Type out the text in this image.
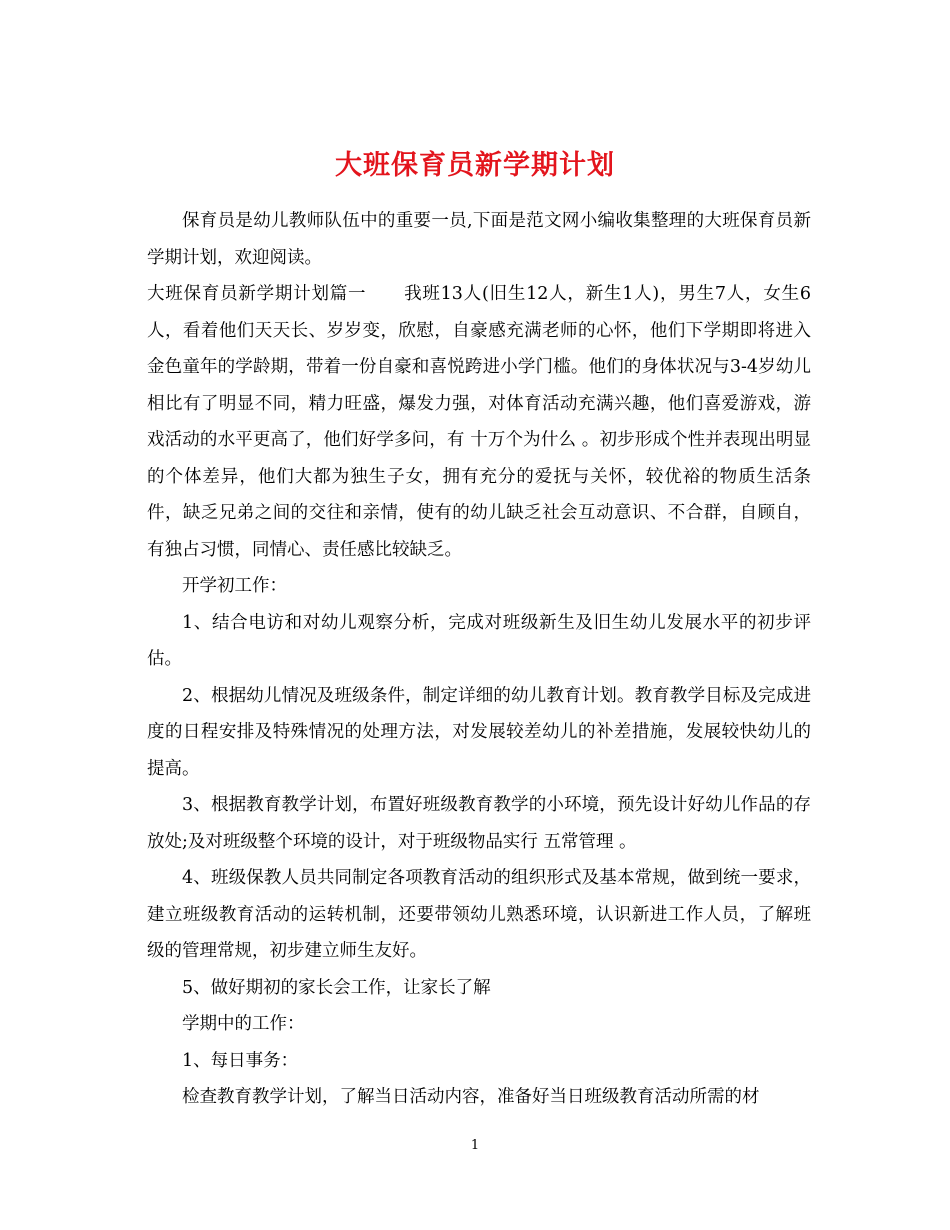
大班保育员新学期计划

保育员是幼儿教师队伍中的重要一员,下面是范文网小编收集整理的大班保育员新学期计划，欢迎阅读。

大班保育员新学期计划篇一 我班13人(旧生12人，新生1人)，男生7人，女生6人，看着他们天天长、岁岁变，欣慰，自豪感充满老师的心怀，他们下学期即将进入金色童年的学龄期，带着一份自豪和喜悦跨进小学门槛。他们的身体状况与3-4岁幼儿相比有了明显不同，精力旺盛，爆发力强，对体育活动充满兴趣，他们喜爱游戏，游戏活动的水平更高了，他们好学多问，有 十万个为什么 。初步形成个性并表现出明显的个体差异，他们大都为独生子女，拥有充分的爱抚与关怀，较优裕的物质生活条件，缺乏兄弟之间的交往和亲情，使有的幼儿缺乏社会互动意识、不合群，自顾自，有独占习惯，同情心、责任感比较缺乏。

开学初工作：

1、结合电访和对幼儿观察分析，完成对班级新生及旧生幼儿发展水平的初步评估。

2、根据幼儿情况及班级条件，制定详细的幼儿教育计划。教育教学目标及完成进度的日程安排及特殊情况的处理方法，对发展较差幼儿的补差措施，发展较快幼儿的提高。

3、根据教育教学计划，布置好班级教育教学的小环境，预先设计好幼儿作品的存放处;及对班级整个环境的设计，对于班级物品实行 五常管理 。

4、班级保教人员共同制定各项教育活动的组织形式及基本常规，做到统一要求，建立班级教育活动的运转机制，还要带领幼儿熟悉环境，认识新进工作人员，了解班级的管理常规，初步建立师生友好。

5、做好期初的家长会工作，让家长了解

学期中的工作：

1、每日事务：

检查教育教学计划，了解当日活动内容，准备好当日班级教育活动所需的材

1
